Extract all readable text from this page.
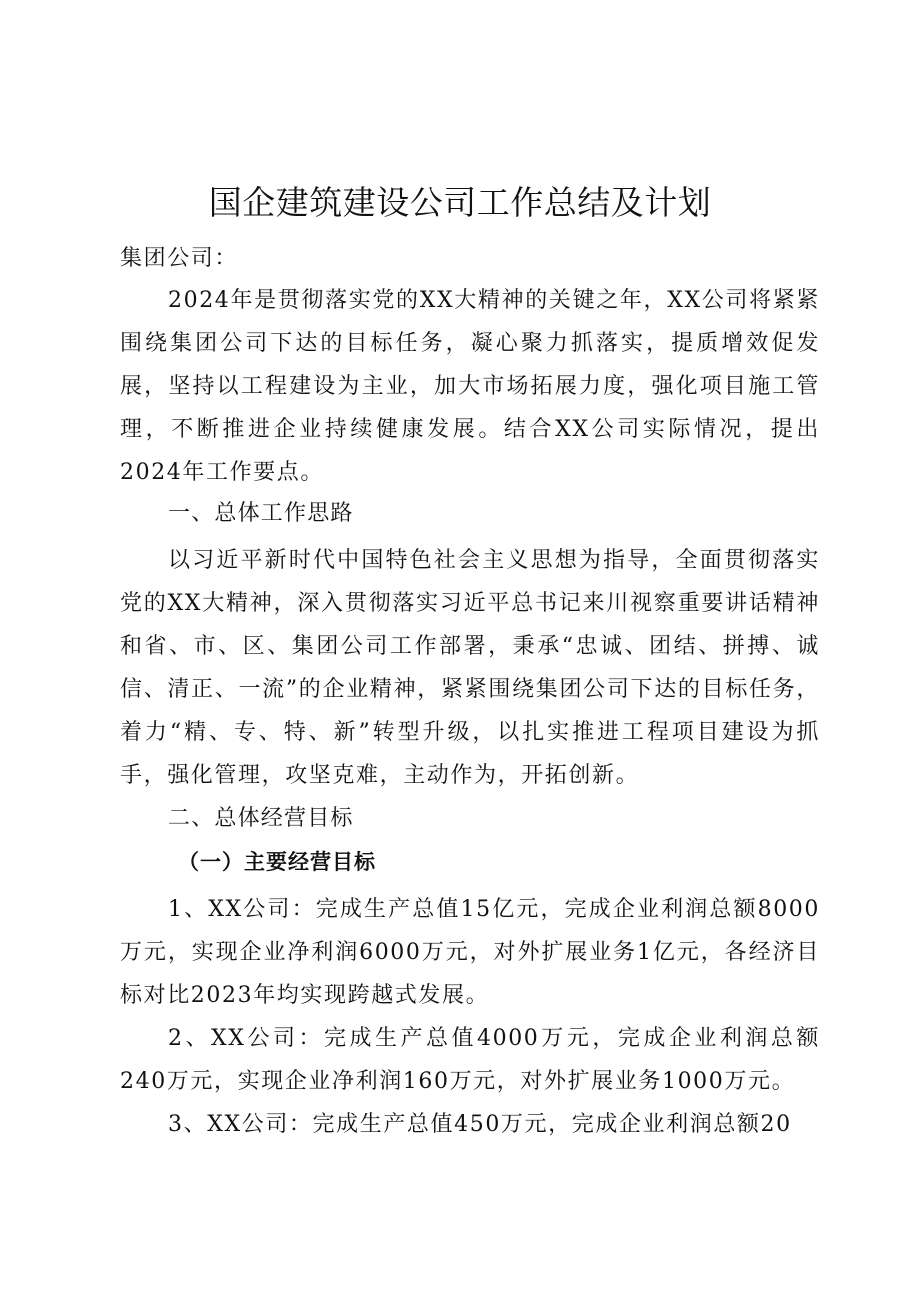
国企建筑建设公司工作总结及计划

集团公司：

2024年是贯彻落实党的XX大精神的关键之年，XX公司将紧紧围绕集团公司下达的目标任务，凝心聚力抓落实，提质增效促发展，坚持以工程建设为主业，加大市场拓展力度，强化项目施工管理，不断推进企业持续健康发展。结合XX公司实际情况，提出2024年工作要点。

一、总体工作思路

以习近平新时代中国特色社会主义思想为指导，全面贯彻落实党的XX大精神，深入贯彻落实习近平总书记来川视察重要讲话精神和省、市、区、集团公司工作部署，秉承“忠诚、团结、拼搏、诚信、清正、一流”的企业精神，紧紧围绕集团公司下达的目标任务，着力“精、专、特、新”转型升级，以扎实推进工程项目建设为抓手，强化管理，攻坚克难，主动作为，开拓创新。

二、总体经营目标
（一）主要经营目标

1、XX公司：完成生产总值15亿元，完成企业利润总额8000万元，实现企业净利润6000万元，对外扩展业务1亿元，各经济目标对比2023年均实现跨越式发展。

2、XX公司：完成生产总值4000万元，完成企业利润总额240万元，实现企业净利润160万元，对外扩展业务1000万元。

3、XX公司：完成生产总值450万元，完成企业利润总额20
